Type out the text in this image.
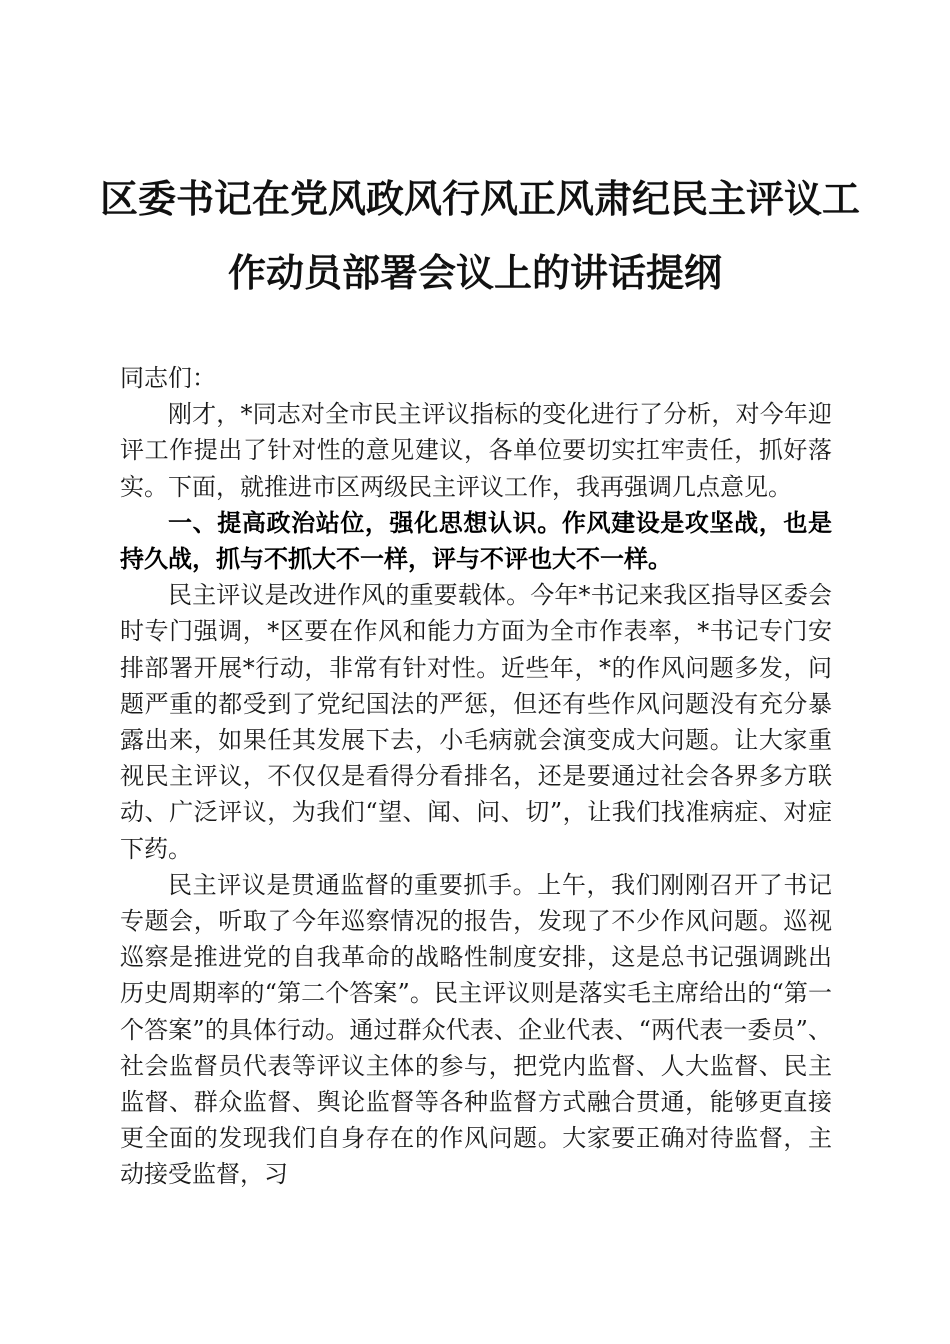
区委书记在党风政风行风正风肃纪民主评议工
作动员部署会议上的讲话提纲

同志们：

刚才，*同志对全市民主评议指标的变化进行了分析，对今年迎评工作提出了针对性的意见建议，各单位要切实扛牢责任，抓好落实。下面，就推进市区两级民主评议工作，我再强调几点意见。

一、提高政治站位，强化思想认识。作风建设是攻坚战，也是持久战，抓与不抓大不一样，评与不评也大不一样。

民主评议是改进作风的重要载体。今年*书记来我区指导区委会时专门强调，*区要在作风和能力方面为全市作表率，*书记专门安排部署开展*行动，非常有针对性。近些年，*的作风问题多发，问题严重的都受到了党纪国法的严惩，但还有些作风问题没有充分暴露出来，如果任其发展下去，小毛病就会演变成大问题。让大家重视民主评议，不仅仅是看得分看排名，还是要通过社会各界多方联动、广泛评议，为我们“望、闻、问、切”，让我们找准病症、对症下药。

民主评议是贯通监督的重要抓手。上午，我们刚刚召开了书记专题会，听取了今年巡察情况的报告，发现了不少作风问题。巡视巡察是推进党的自我革命的战略性制度安排，这是总书记强调跳出历史周期率的“第二个答案”。民主评议则是落实毛主席给出的“第一个答案”的具体行动。通过群众代表、企业代表、“两代表一委员”、社会监督员代表等评议主体的参与，把党内监督、人大监督、民主监督、群众监督、舆论监督等各种监督方式融合贯通，能够更直接更全面的发现我们自身存在的作风问题。大家要正确对待监督，主动接受监督，习
